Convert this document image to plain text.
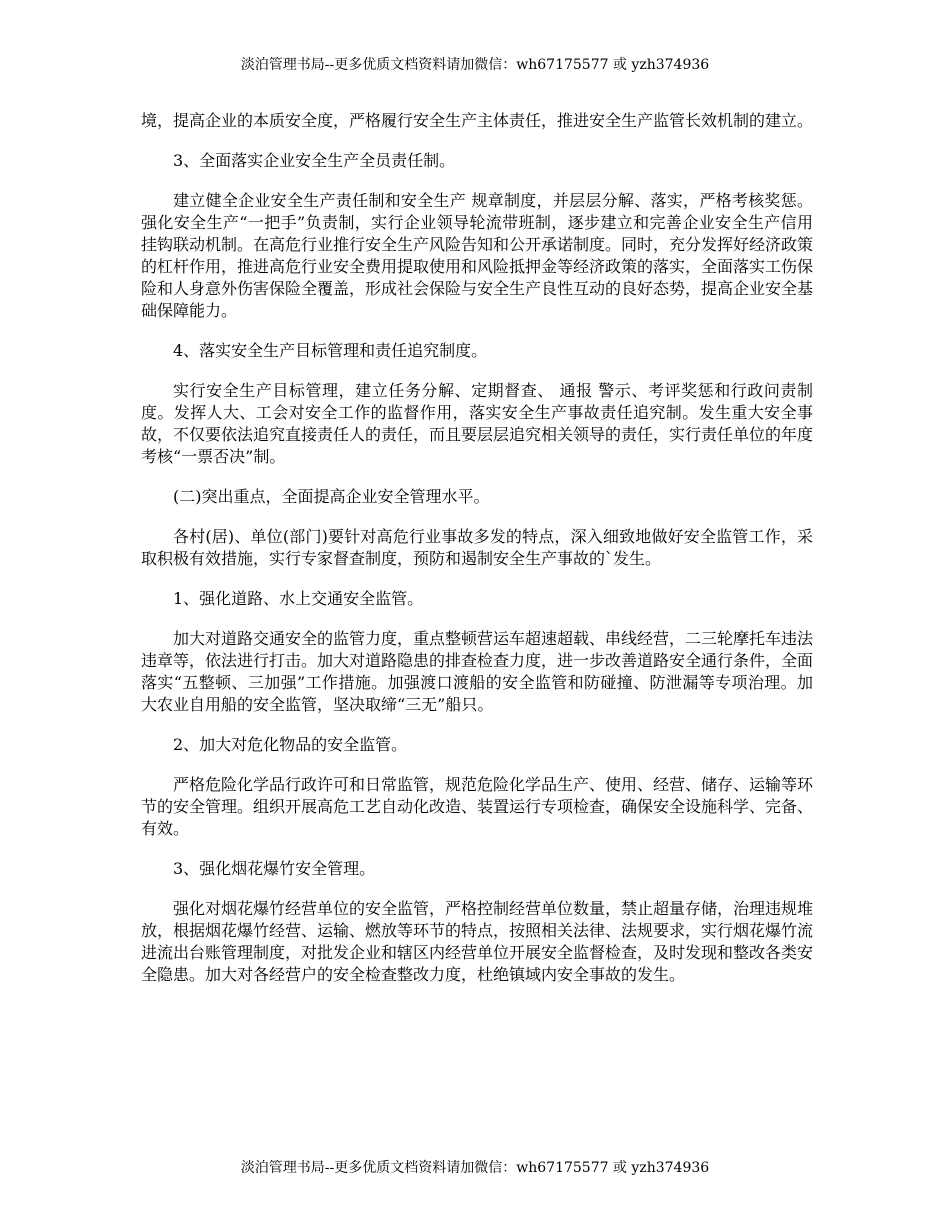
淡泊管理书局--更多优质文档资料请加微信：wh67175577 或 yzh374936

境，提高企业的本质安全度，严格履行安全生产主体责任，推进安全生产监管长效机制的建立。

3、全面落实企业安全生产全员责任制。

建立健全企业安全生产责任制和安全生产 规章制度，并层层分解、落实，严格考核奖惩。强化安全生产“一把手”负责制，实行企业领导轮流带班制，逐步建立和完善企业安全生产信用挂钩联动机制。在高危行业推行安全生产风险告知和公开承诺制度。同时，充分发挥好经济政策的杠杆作用，推进高危行业安全费用提取使用和风险抵押金等经济政策的落实，全面落实工伤保险和人身意外伤害保险全覆盖，形成社会保险与安全生产良性互动的良好态势，提高企业安全基础保障能力。

4、落实安全生产目标管理和责任追究制度。

实行安全生产目标管理，建立任务分解、定期督查、 通报 警示、考评奖惩和行政问责制度。发挥人大、工会对安全工作的监督作用，落实安全生产事故责任追究制。发生重大安全事故，不仅要依法追究直接责任人的责任，而且要层层追究相关领导的责任，实行责任单位的年度考核“一票否决”制。

(二)突出重点，全面提高企业安全管理水平。

各村(居)、单位(部门)要针对高危行业事故多发的特点，深入细致地做好安全监管工作，采取积极有效措施，实行专家督查制度，预防和遏制安全生产事故的`发生。

1、强化道路、水上交通安全监管。

加大对道路交通安全的监管力度，重点整顿营运车超速超载、串线经营，二三轮摩托车违法违章等，依法进行打击。加大对道路隐患的排查检查力度，进一步改善道路安全通行条件，全面落实“五整顿、三加强”工作措施。加强渡口渡船的安全监管和防碰撞、防泄漏等专项治理。加大农业自用船的安全监管，坚决取缔“三无”船只。

2、加大对危化物品的安全监管。

严格危险化学品行政许可和日常监管，规范危险化学品生产、使用、经营、储存、运输等环节的安全管理。组织开展高危工艺自动化改造、装置运行专项检查，确保安全设施科学、完备、有效。

3、强化烟花爆竹安全管理。

强化对烟花爆竹经营单位的安全监管，严格控制经营单位数量，禁止超量存储，治理违规堆放，根据烟花爆竹经营、运输、燃放等环节的特点，按照相关法律、法规要求，实行烟花爆竹流进流出台账管理制度，对批发企业和辖区内经营单位开展安全监督检查，及时发现和整改各类安全隐患。加大对各经营户的安全检查整改力度，杜绝镇域内安全事故的发生。

淡泊管理书局--更多优质文档资料请加微信：wh67175577 或 yzh374936
